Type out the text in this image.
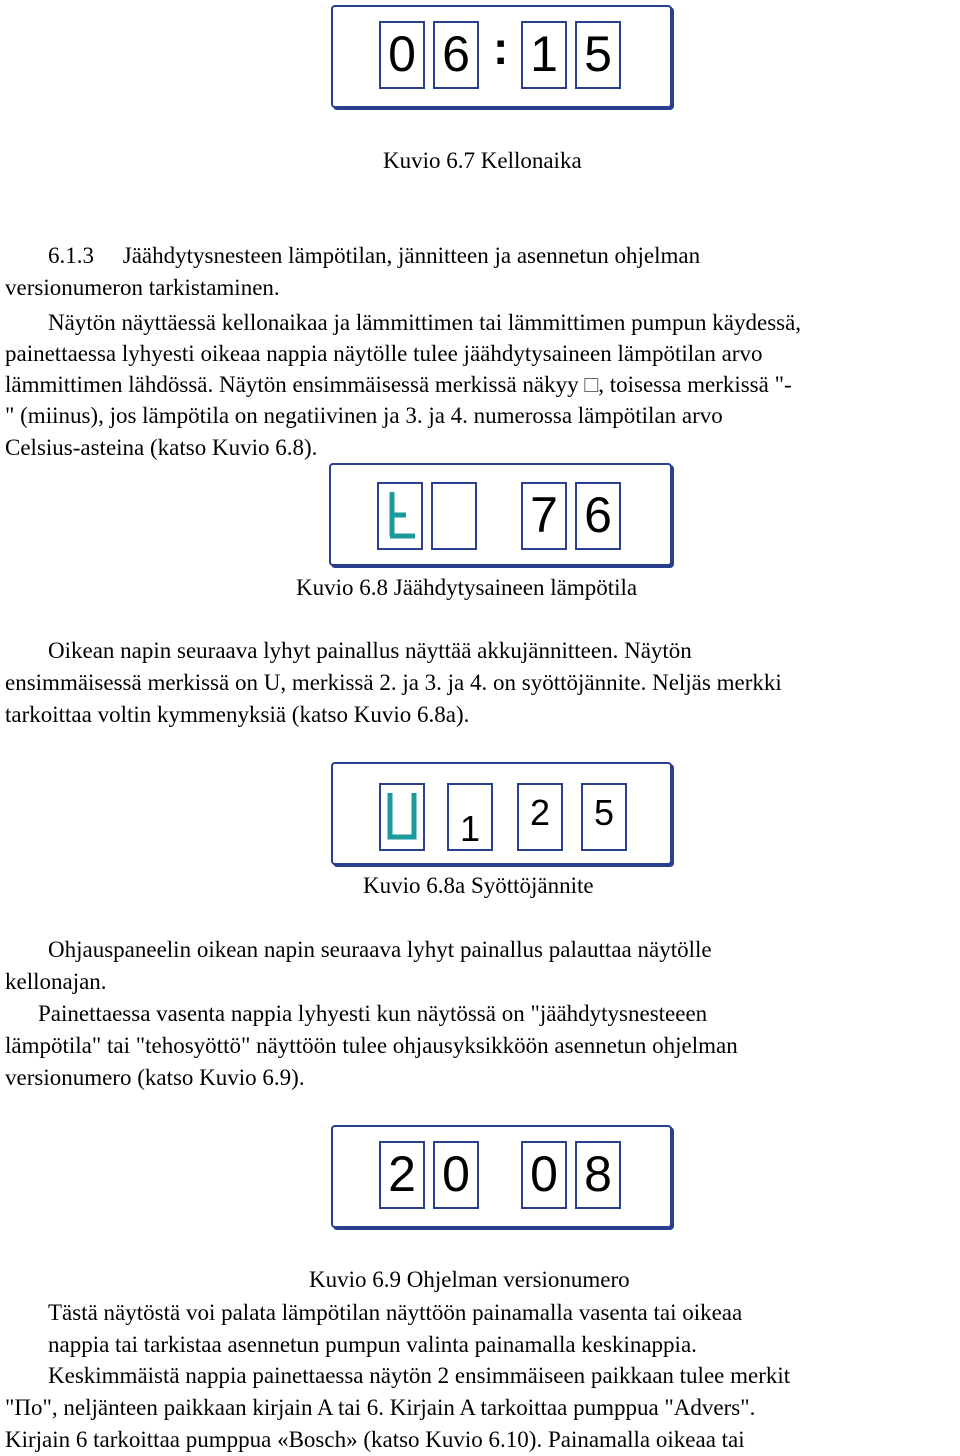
0 6 : 1 5
Kuvio 6.7 Kellonaika
6.1.3     Jäähdytysnesteen lämpötilan, jännitteen ja asennetun ohjelman
versionumeron tarkistaminen.
Näytön näyttäessä kellonaikaa ja lämmittimen tai lämmittimen pumpun käydessä,
painettaessa lyhyesti oikeaa nappia näytölle tulee jäähdytysaineen lämpötilan arvo
lämmittimen lähdössä. Näytön ensimmäisessä merkissä näkyy □, toisessa merkissä "-
" (miinus), jos lämpötila on negatiivinen ja 3. ja 4. numerossa lämpötilan arvo
Celsius-asteina (katso Kuvio 6.8).
7 6
Kuvio 6.8 Jäähdytysaineen lämpötila
Oikean napin seuraava lyhyt painallus näyttää akkujännitteen. Näytön
ensimmäisessä merkissä on U, merkissä 2. ja 3. ja 4. on syöttöjännite. Neljäs merkki
tarkoittaa voltin kymmenyksiä (katso Kuvio 6.8a).
1	2	5
Kuvio 6.8a Syöttöjännite
Ohjauspaneelin oikean napin seuraava lyhyt painallus palauttaa näytölle
kellonajan.
Painettaessa vasenta nappia lyhyesti kun näytössä on "jäähdytysnesteeen
lämpötila" tai "tehosyöttö" näyttöön tulee ohjausyksikköön asennetun ohjelman
versionumero (katso Kuvio 6.9).
2 0 0 8
Kuvio 6.9 Ohjelman versionumero
Tästä näytöstä voi palata lämpötilan näyttöön painamalla vasenta tai oikeaa
nappia tai tarkistaa asennetun pumpun valinta painamalla keskinappia.
Keskimmäistä nappia painettaessa näytön 2 ensimmäiseen paikkaan tulee merkit
"По", neljänteen paikkaan kirjain A tai 6. Kirjain A tarkoittaa pumppua "Advers".
Kirjain 6 tarkoittaa pumppua «Bosch» (katso Kuvio 6.10). Painamalla oikeaa tai
